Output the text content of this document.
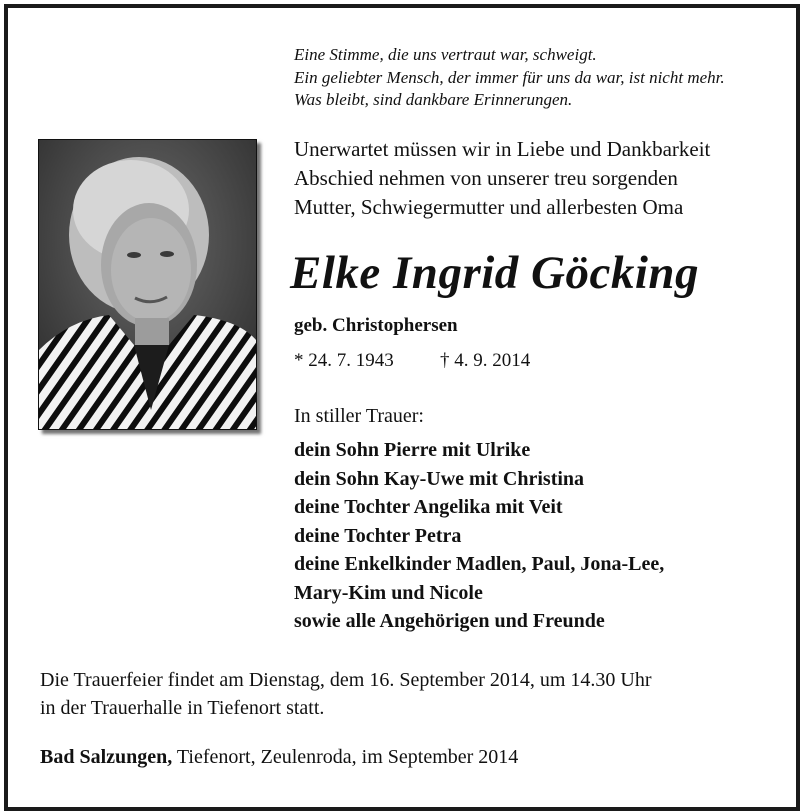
Eine Stimme, die uns vertraut war, schweigt.
Ein geliebter Mensch, der immer für uns da war, ist nicht mehr.
Was bleibt, sind dankbare Erinnerungen.
Unerwartet müssen wir in Liebe und Dankbarkeit
Abschied nehmen von unserer treu sorgenden
Mutter, Schwiegermutter und allerbesten Oma
Elke Ingrid Göcking
geb. Christophersen
* 24. 7. 1943 † 4. 9. 2014
In stiller Trauer:
dein Sohn Pierre mit Ulrike
dein Sohn Kay-Uwe mit Christina
deine Tochter Angelika mit Veit
deine Tochter Petra
deine Enkelkinder Madlen, Paul, Jona-Lee,
Mary-Kim und Nicole
sowie alle Angehörigen und Freunde
Die Trauerfeier findet am Dienstag, dem 16. September 2014, um 14.30 Uhr
in der Trauerhalle in Tiefenort statt.
Bad Salzungen, Tiefenort, Zeulenroda, im September 2014
